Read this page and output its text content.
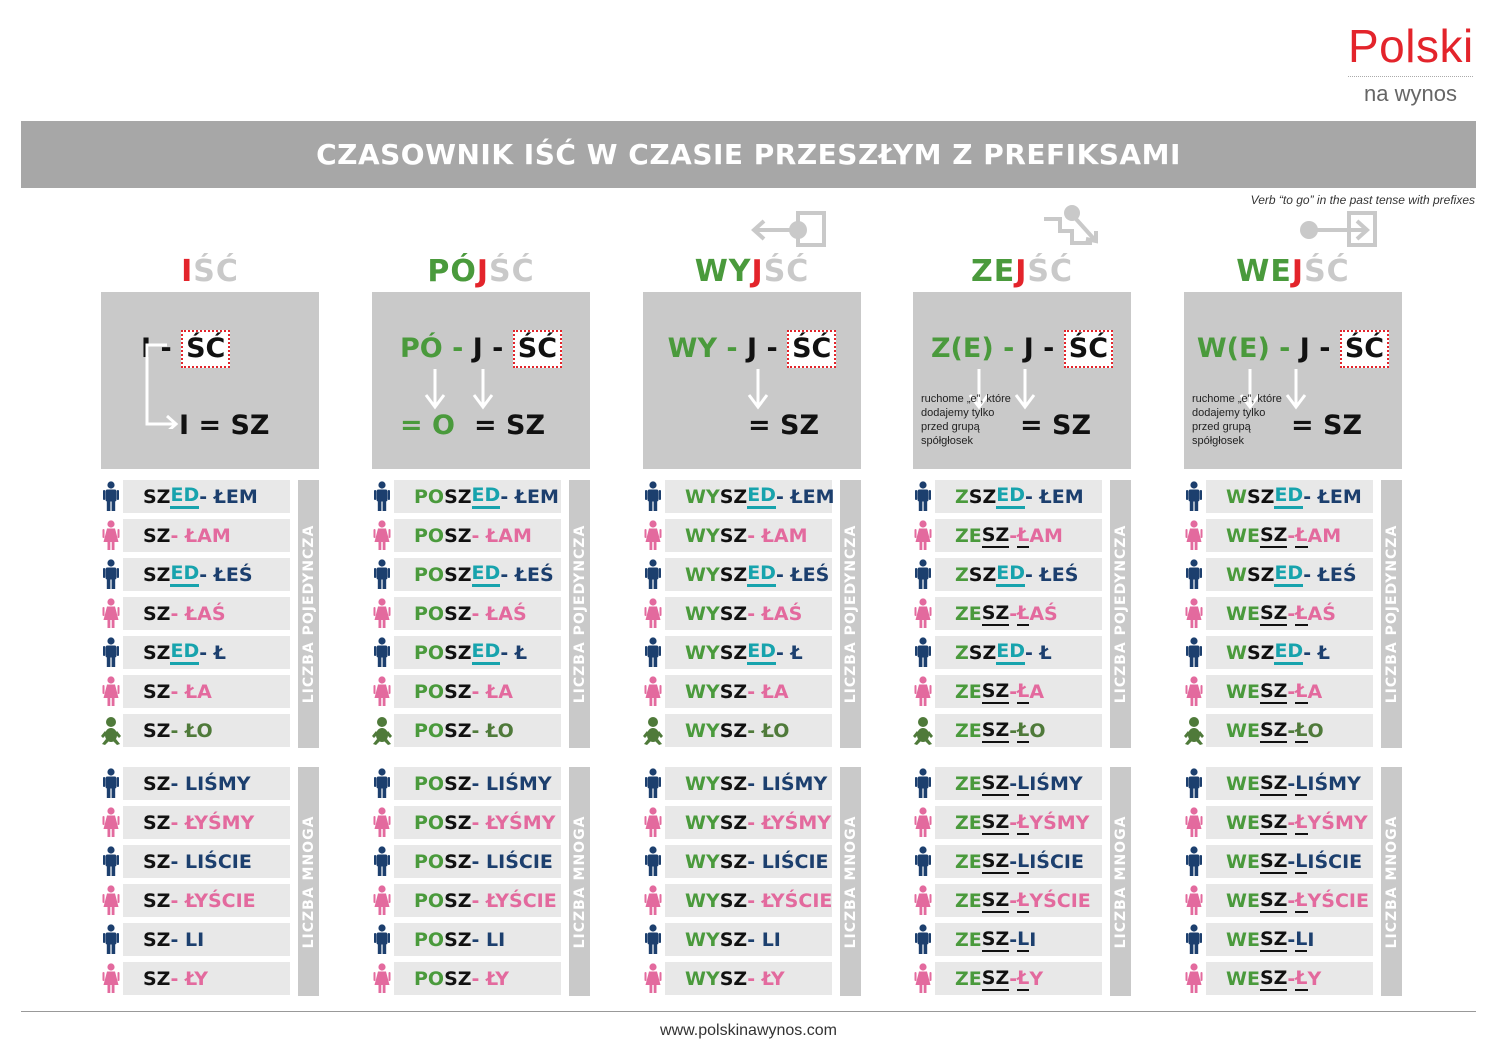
Polski
na wynos
CZASOWNIK IŚĆ W CZASIE PRZESZŁYM Z PREFIKSAMI
Verb “to go” in the past tense with prefixes
IŚĆ
I - ŚĆ
I = SZ
SZ ED - ŁEM
SZ - ŁAM
SZ ED - ŁEŚ
SZ - ŁAŚ
SZ ED - Ł
SZ - ŁA
SZ - ŁO
LICZBA POJEDYNCZA
SZ - LIŚMY
SZ - ŁYŚMY
SZ - LIŚCIE
SZ - ŁYŚCIE
SZ - LI
SZ - ŁY
LICZBA MNOGA
PÓJŚĆ
PÓ - J - ŚĆ
= O = SZ
PO SZ ED - ŁEM
PO SZ - ŁAM
PO SZ ED - ŁEŚ
PO SZ - ŁAŚ
PO SZ ED - Ł
PO SZ - ŁA
PO SZ - ŁO
LICZBA POJEDYNCZA
PO SZ - LIŚMY
PO SZ - ŁYŚMY
PO SZ - LIŚCIE
PO SZ - ŁYŚCIE
PO SZ - LI
PO SZ - ŁY
LICZBA MNOGA
WYJŚĆ
WY - J - ŚĆ
= SZ
WY SZ ED - ŁEM
WY SZ - ŁAM
WY SZ ED - ŁEŚ
WY SZ - ŁAŚ
WY SZ ED - Ł
WY SZ - ŁA
WY SZ - ŁO
LICZBA POJEDYNCZA
WY SZ - LIŚMY
WY SZ - ŁYŚMY
WY SZ - LIŚCIE
WY SZ - ŁYŚCIE
WY SZ - LI
WY SZ - ŁY
LICZBA MNOGA
ZEJŚĆ
Z(E) - J - ŚĆ
ruchome „e”, które dodajemy tylko przed grupą spółgłosek	= SZ
Z SZ ED - ŁEM
ZE SZ - Ł AM
Z SZ ED - ŁEŚ
ZE SZ - Ł AŚ
Z SZ ED - Ł
ZE SZ - Ł A
ZE SZ - Ł O
LICZBA POJEDYNCZA
ZE SZ - L IŚMY
ZE SZ - Ł YŚMY
ZE SZ - L IŚCIE
ZE SZ - Ł YŚCIE
ZE SZ - L I
ZE SZ - Ł Y
LICZBA MNOGA
WEJŚĆ
W(E) - J - ŚĆ
ruchome „e”, które dodajemy tylko przed grupą spółgłosek	= SZ
W SZ ED - ŁEM
WE SZ - Ł AM
W SZ ED - ŁEŚ
WE SZ - Ł AŚ
W SZ ED - Ł
WE SZ - Ł A
WE SZ - Ł O
LICZBA POJEDYNCZA
WE SZ - L IŚMY
WE SZ - Ł YŚMY
WE SZ - L IŚCIE
WE SZ - Ł YŚCIE
WE SZ - L I
WE SZ - Ł Y
LICZBA MNOGA
www.polskinawynos.com
